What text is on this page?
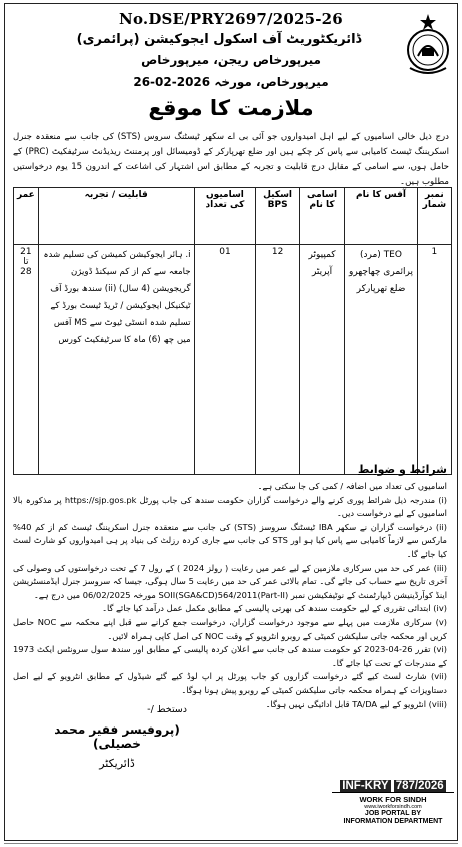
No.DSE/PRY2697/2025-26
ڈائریکٹوریٹ آف اسکول ایجوکیشن (پرائمری)
میرپورخاص ریجن، میرپورخاص
میرپورخاص، مورخہ 26-02-2026
ملازمت کا موقع
درج ذیل خالی اسامیوں کے لیے اہل امیدواروں جو آئی بی اے سکھر ٹیسٹنگ سروس (STS) کی جانب سے منعقدہ جنرل اسکریننگ ٹیسٹ کامیابی سے پاس کر چکے ہیں اور ضلع تھرپارکر کے ڈومیسائل اور پرمننٹ ریذیڈنٹ سرٹیفکیٹ (PRC) کے حامل ہوں، سے اسامی کے مقابل درج قابلیت و تجربہ کے مطابق اس اشتہار کی اشاعت کے اندرون 15 یوم درخواستیں مطلوب ہیں۔
نمبر شمار	آفس کا نام	اسامی کا نام	اسکیل BPS	اسامیوں کی تعداد	قابلیت / تجربہ	عمر
1	TEO (مرد) پرائمری چھاچھرو ضلع تھرپارکر	کمپیوٹر آپریٹر	12	01	i. ہائر ایجوکیشن کمیشن کی تسلیم شدہ جامعہ سے کم از کم سیکنڈ ڈویژن گریجویشن (4 سال) (ii) سندھ بورڈ آف ٹیکنیکل ایجوکیشن / ٹریڈ ٹیسٹ بورڈ کے تسلیم شدہ انسٹی ٹیوٹ سے MS آفس میں چھ (6) ماہ کا سرٹیفکیٹ کورس	21 تا 28
شرائط و ضوابط

اسامیوں کی تعداد میں اضافہ / کمی کی جا سکتی ہے۔

(i) مندرجہ ذیل شرائط پوری کرنے والے درخواست گزاران حکومت سندھ کی جاب پورٹل https://sjp.gos.pk پر مذکورہ بالا اسامیوں کے لیے درخواست دیں۔

(ii) درخواست گزاران نے سکھر IBA ٹیسٹنگ سروسز (STS) کی جانب سے منعقدہ جنرل اسکریننگ ٹیسٹ کم از کم 40% مارکس سے لازماً کامیابی سے پاس کیا ہو اور STS کی جانب سے جاری کردہ رزلٹ کی بنیاد پر ہی امیدواروں کو شارٹ لسٹ کیا جائے گا۔

(iii) عمر کی حد میں سرکاری ملازمین کے لیے عمر میں رعایت ( رولز 2024 ) کے رول 7 کے تحت درخواستوں کی وصولی کی آخری تاریخ سے حساب کی جائے گی۔ تمام بالائی عمر کی حد میں رعایت 5 سال ہوگی، جیسا کہ سروسز جنرل ایڈمنسٹریشن اینڈ کوآرڈینیشن ڈیپارٹمنٹ کے نوٹیفکیشن نمبر SOII(SGA&CD)564/2011(Part-II) مورخہ 06/02/2025 میں درج ہے۔

(iv) ابتدائی تقرری کے لیے حکومت سندھ کی بھرتی پالیسی کے مطابق مکمل عمل درآمد کیا جائے گا۔

(v) سرکاری ملازمت میں پہلے سے موجود درخواست گزاران، درخواست جمع کرانے سے قبل اپنے محکمہ سے NOC حاصل کریں اور محکمہ جاتی سلیکشن کمیٹی کے روبرو انٹرویو کے وقت NOC کی اصل کاپی ہمراہ لائیں۔

(vi) تقرر 26-04-2023 کو حکومت سندھ کی جانب سے اعلان کردہ پالیسی کے مطابق اور سندھ سول سرونٹس ایکٹ 1973 کے مندرجات کے تحت کیا جائے گا۔

(vii) شارٹ لسٹ کیے گئے درخواست گزاروں کو جاب پورٹل پر اپ لوڈ کیے گئے شیڈول کے مطابق انٹرویو کے لیے اصل دستاویزات کے ہمراہ محکمہ جاتی سلیکشن کمیٹی کے روبرو پیش ہونا ہوگا۔

(viii) انٹرویو کے لیے TA/DA قابل ادائیگی نہیں ہوگا۔

دستخط /-
(پروفیسر فقیر محمد خصیلی)
ڈائریکٹر
INF-KRY 787/2026
WORK FOR SINDH
www.iworkforsindh.com
JOB PORTAL BY
INFORMATION DEPARTMENT
